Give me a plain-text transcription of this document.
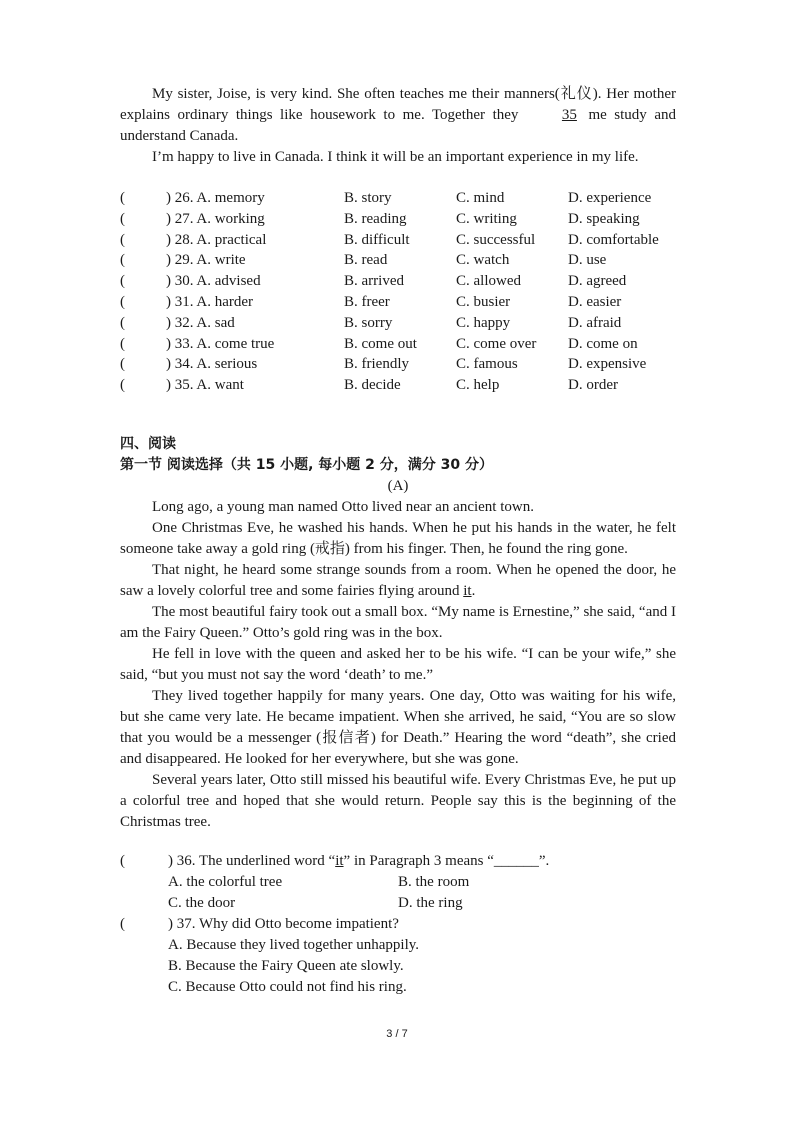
My sister, Joise, is very kind. She often teaches me their manners(礼仪). Her mother explains ordinary things like housework to me. Together they 35 me study and understand Canada.

I’m happy to live in Canada. I think it will be an important experience in my life.

(	) 26. A. memory	B. story	C. mind	D. experience
(	) 27. A. working	B. reading	C. writing	D. speaking
(	) 28. A. practical	B. difficult	C. successful	D. comfortable
(	) 29. A. write	B. read	C. watch	D. use
(	) 30. A. advised	B. arrived	C. allowed	D. agreed
(	) 31. A. harder	B. freer	C. busier	D. easier
(	) 32. A. sad	B. sorry	C. happy	D. afraid
(	) 33. A. come true	B. come out	C. come over	D. come on
(	) 34. A. serious	B. friendly	C. famous	D. expensive
(	) 35. A. want	B. decide	C. help	D. order

四、阅读

第一节 阅读选择（共 15 小题, 每小题 2 分，满分 30 分）

(A)

Long ago, a young man named Otto lived near an ancient town.

One Christmas Eve, he washed his hands. When he put his hands in the water, he felt someone take away a gold ring (戒指) from his finger. Then, he found the ring gone.

That night, he heard some strange sounds from a room. When he opened the door, he saw a lovely colorful tree and some fairies flying around it.

The most beautiful fairy took out a small box. “My name is Ernestine,” she said, “and I am the Fairy Queen.” Otto’s gold ring was in the box.

He fell in love with the queen and asked her to be his wife. “I can be your wife,” she said, “but you must not say the word ‘death’ to me.”

They lived together happily for many years. One day, Otto was waiting for his wife, but she came very late. He became impatient. When she arrived, he said, “You are so slow that you would be a messenger (报信者) for Death.” Hearing the word “death”, she cried and disappeared. He looked for her everywhere, but she was gone.

Several years later, Otto still missed his beautiful wife. Every Christmas Eve, he put up a colorful tree and hoped that she would return. People say this is the beginning of the Christmas tree.

(	) 36. The underlined word “ it ” in Paragraph 3 means “ ______ ”.
A. the colorful tree	B. the room
C. the door	D. the ring
(	) 37. Why did Otto become impatient?
A. Because they lived together unhappily.
B. Because the Fairy Queen ate slowly.
C. Because Otto could not find his ring.
3 / 7
